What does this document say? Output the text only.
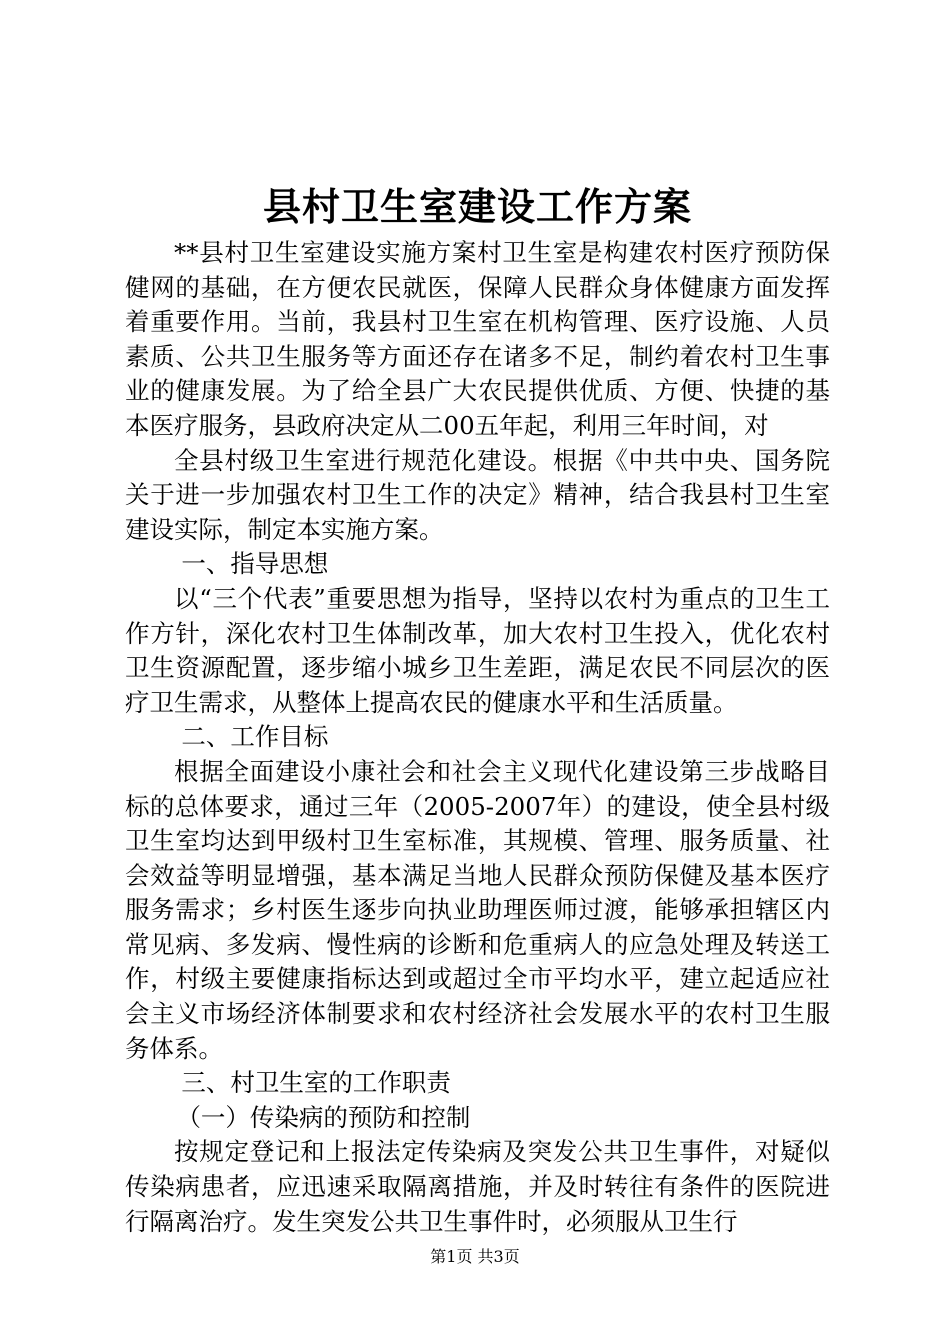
县村卫生室建设工作方案

**县村卫生室建设实施方案村卫生室是构建农村医疗预防保健网的基础，在方便农民就医，保障人民群众身体健康方面发挥着重要作用。当前，我县村卫生室在机构管理、医疗设施、人员素质、公共卫生服务等方面还存在诸多不足，制约着农村卫生事业的健康发展。为了给全县广大农民提供优质、方便、快捷的基本医疗服务，县政府决定从二00五年起，利用三年时间，对

全县村级卫生室进行规范化建设。根据《中共中央、国务院关于进一步加强农村卫生工作的决定》精神，结合我县村卫生室建设实际，制定本实施方案。

一、指导思想

以“三个代表”重要思想为指导，坚持以农村为重点的卫生工作方针，深化农村卫生体制改革，加大农村卫生投入，优化农村卫生资源配置，逐步缩小城乡卫生差距，满足农民不同层次的医疗卫生需求，从整体上提高农民的健康水平和生活质量。

二、工作目标

根据全面建设小康社会和社会主义现代化建设第三步战略目标的总体要求，通过三年（2005-2007年）的建设，使全县村级卫生室均达到甲级村卫生室标准，其规模、管理、服务质量、社会效益等明显增强，基本满足当地人民群众预防保健及基本医疗服务需求；乡村医生逐步向执业助理医师过渡，能够承担辖区内常见病、多发病、慢性病的诊断和危重病人的应急处理及转送工作，村级主要健康指标达到或超过全市平均水平，建立起适应社会主义市场经济体制要求和农村经济社会发展水平的农村卫生服务体系。

三、村卫生室的工作职责

（一）传染病的预防和控制

按规定登记和上报法定传染病及突发公共卫生事件，对疑似传染病患者，应迅速采取隔离措施，并及时转往有条件的医院进行隔离治疗。发生突发公共卫生事件时，必须服从卫生行

第1页 共3页
